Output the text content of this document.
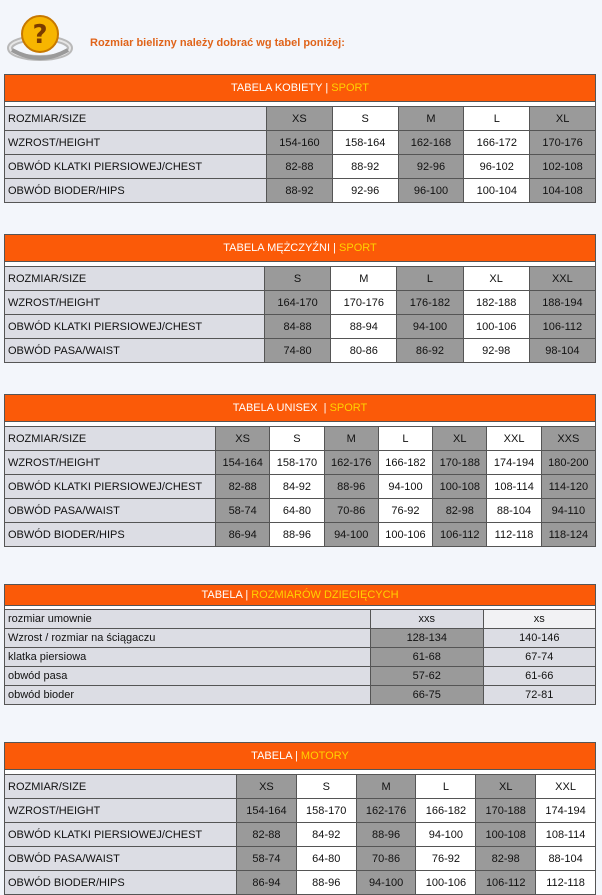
?	Rozmiar bielizny należy dobrać wg tabel poniżej:
TABELA KOBIETY | SPORT					

ROZMIAR/SIZE	XS	S	M	L	XL
WZROST/HEIGHT	154-160	158-164	162-168	166-172	170-176
OBWÓD KLATKI PIERSIOWEJ/CHEST	82-88	88-92	92-96	96-102	102-108
OBWÓD BIODER/HIPS	88-92	92-96	96-100	100-104	104-108
TABELA MĘŻCZYŹNI | SPORT					

ROZMIAR/SIZE	S	M	L	XL	XXL
WZROST/HEIGHT	164-170	170-176	176-182	182-188	188-194
OBWÓD KLATKI PIERSIOWEJ/CHEST	84-88	88-94	94-100	100-106	106-112
OBWÓD PASA/WAIST	74-80	80-86	86-92	92-98	98-104
TABELA UNISEX | SPORT							

ROZMIAR/SIZE	XS	S	M	L	XL	XXL	XXS
WZROST/HEIGHT	154-164	158-170	162-176	166-182	170-188	174-194	180-200
OBWÓD KLATKI PIERSIOWEJ/CHEST	82-88	84-92	88-96	94-100	100-108	108-114	114-120
OBWÓD PASA/WAIST	58-74	64-80	70-86	76-92	82-98	88-104	94-110
OBWÓD BIODER/HIPS	86-94	88-96	94-100	100-106	106-112	112-118	118-124
TABELA | ROZMIARÓW DZIECIĘCYCH		

rozmiar umownie	xxs	xs
Wzrost / rozmiar na ściągaczu	128-134	140-146
klatka piersiowa	61-68	67-74
obwód pasa	57-62	61-66
obwód bioder	66-75	72-81
TABELA | MOTORY						

ROZMIAR/SIZE	XS	S	M	L	XL	XXL
WZROST/HEIGHT	154-164	158-170	162-176	166-182	170-188	174-194
OBWÓD KLATKI PIERSIOWEJ/CHEST	82-88	84-92	88-96	94-100	100-108	108-114
OBWÓD PASA/WAIST	58-74	64-80	70-86	76-92	82-98	88-104
OBWÓD BIODER/HIPS	86-94	88-96	94-100	100-106	106-112	112-118
